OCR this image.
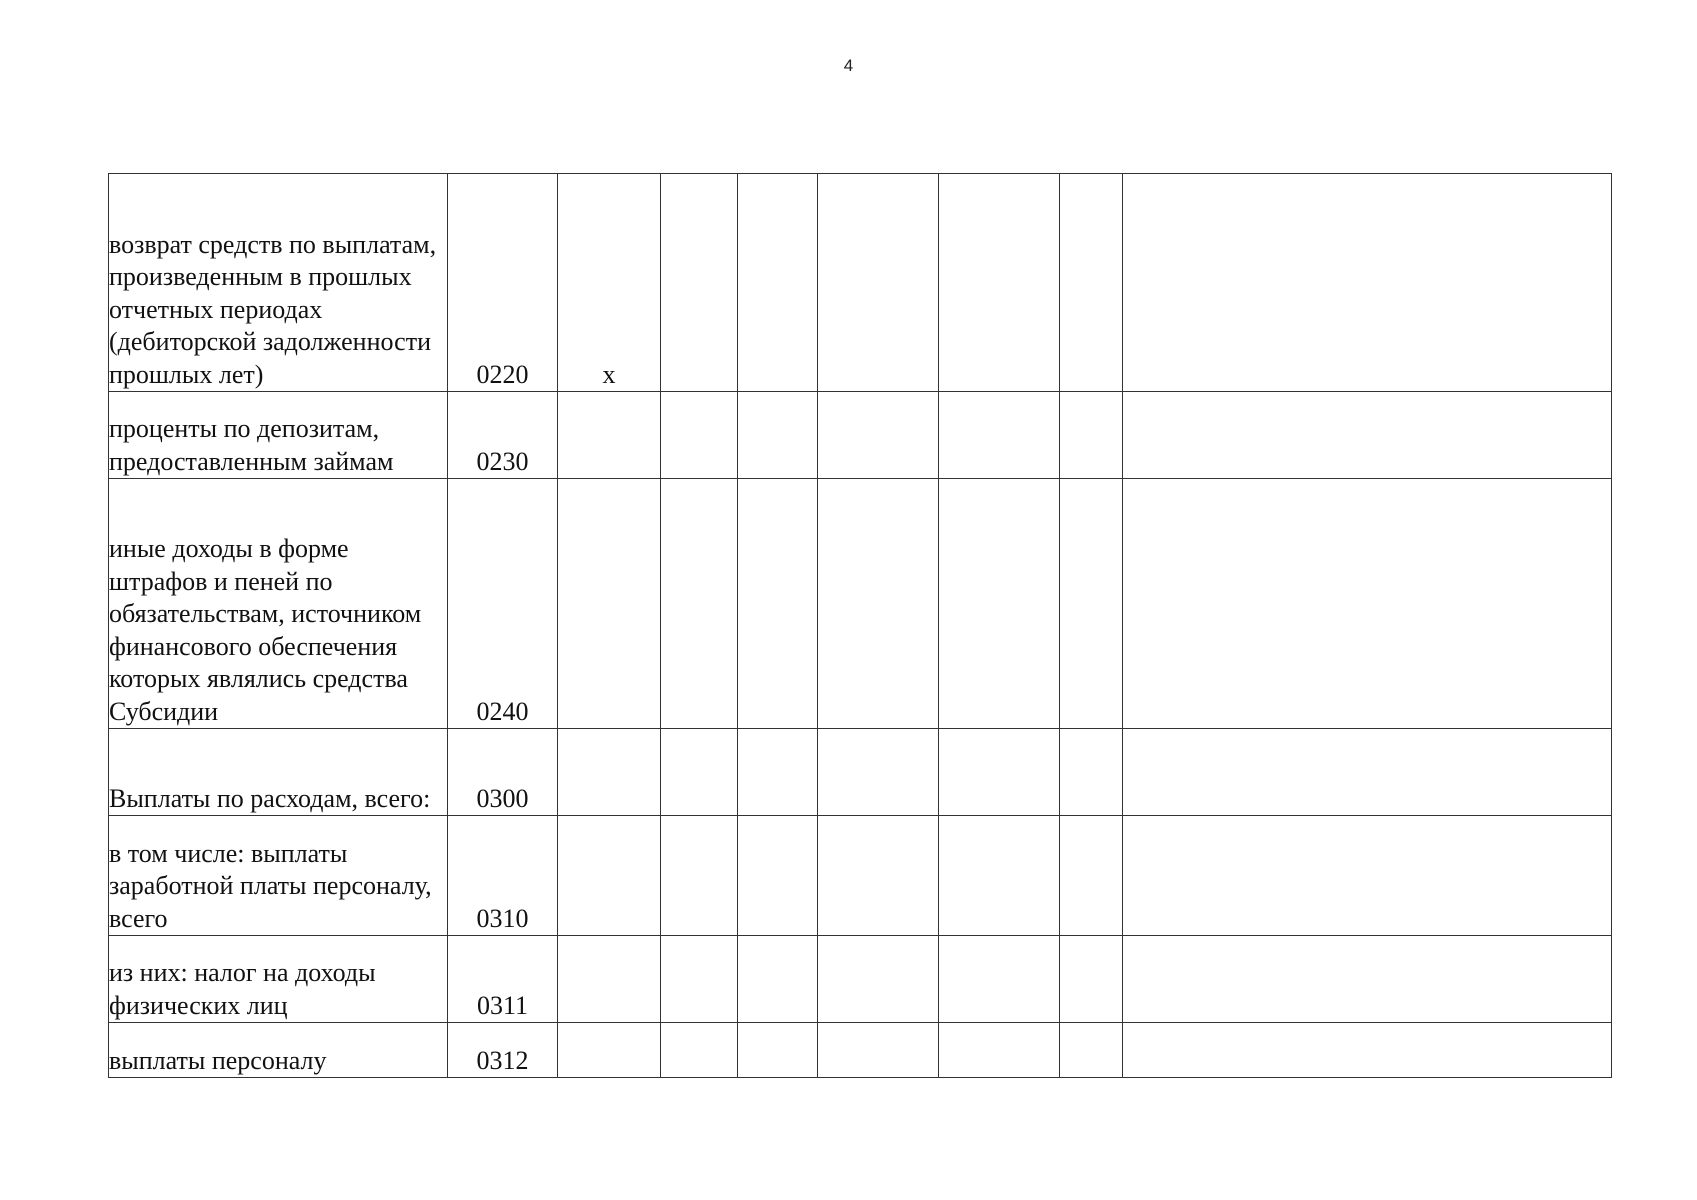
4
возврат средств по выплатам, произведенным в прошлых отчетных периодах (дебиторской задолженности прошлых лет)	0220	x						
проценты по депозитам, предоставленным займам	0230							
иные доходы в форме штрафов и пеней по обязательствам, источником финансового обеспечения которых являлись средства Субсидии	0240							
Выплаты по расходам, всего:	0300							
в том числе: выплаты заработной платы персоналу, всего	0310							
из них: налог на доходы физических лиц	0311							
выплаты персоналу	0312							
